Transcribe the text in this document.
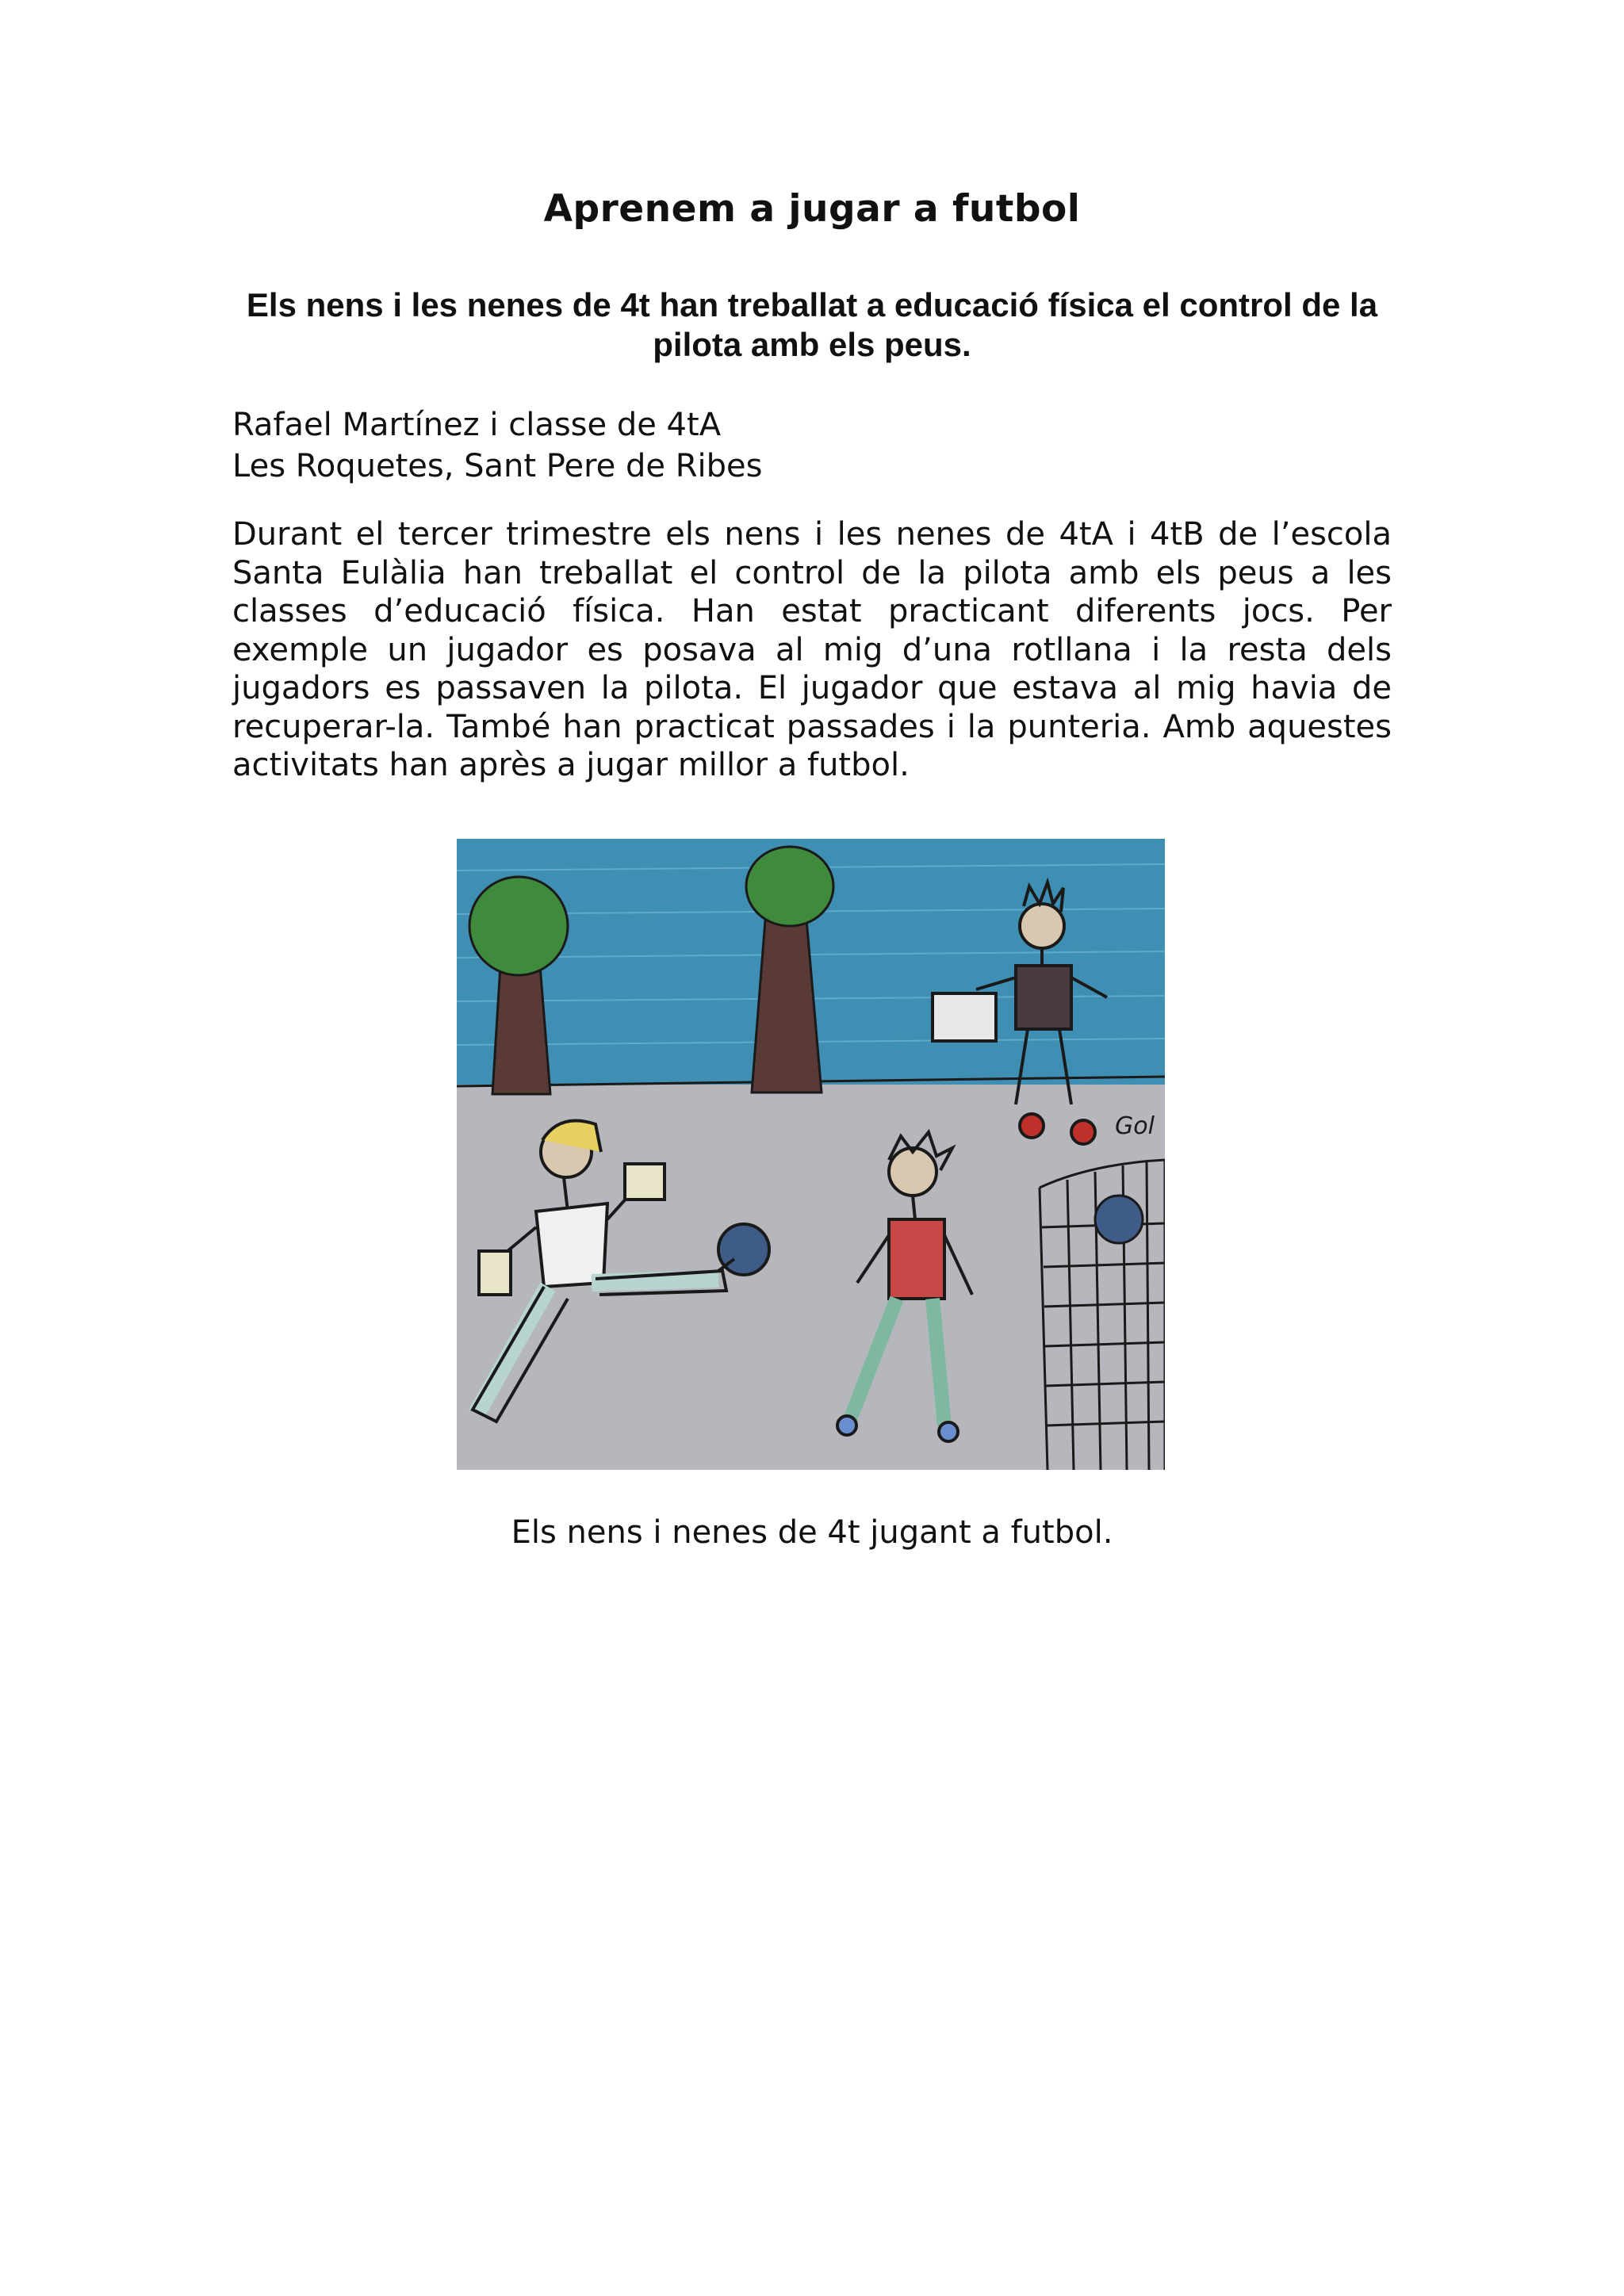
Aprenem a jugar a futbol

Els nens i les nenes de 4t han treballat a educació física el control de la pilota amb els peus.

Rafael Martínez i classe de 4tA
Les Roquetes, Sant Pere de Ribes

Durant el tercer trimestre els nens i les nenes de 4tA i 4tB de l’escola Santa Eulàlia han treballat el control de la pilota amb els peus a les classes d’educació física. Han estat practicant diferents jocs. Per exemple un jugador es posava al mig d’una rotllana i la resta dels jugadors es passaven la pilota. El jugador que estava al mig havia de recuperar-la. També han practicat passades i la punteria. Amb aquestes activitats han après a jugar millor a futbol.

Gol

Els nens i nenes de 4t jugant a futbol.
